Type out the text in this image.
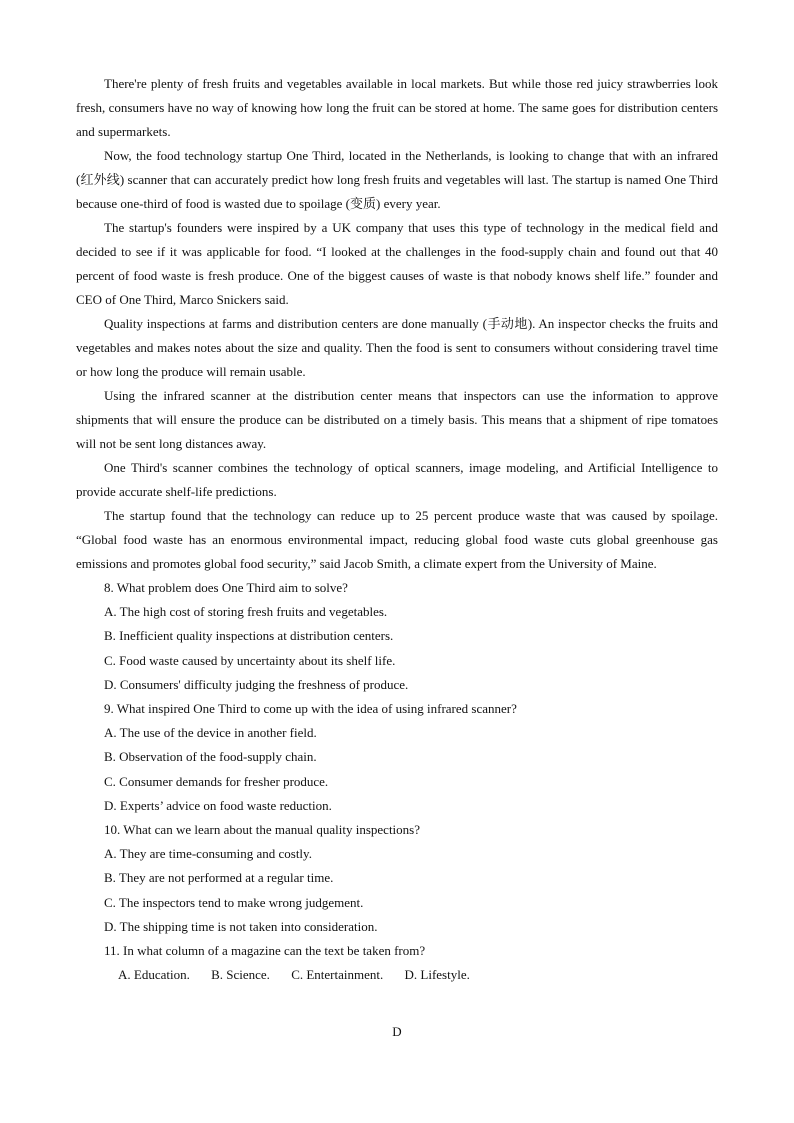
There're plenty of fresh fruits and vegetables available in local markets. But while those red juicy strawberries look fresh, consumers have no way of knowing how long the fruit can be stored at home. The same goes for distribution centers and supermarkets.

Now, the food technology startup One Third, located in the Netherlands, is looking to change that with an infrared (红外线) scanner that can accurately predict how long fresh fruits and vegetables will last. The startup is named One Third because one-third of food is wasted due to spoilage (变质) every year.

The startup's founders were inspired by a UK company that uses this type of technology in the medical field and decided to see if it was applicable for food. “I looked at the challenges in the food-supply chain and found out that 40 percent of food waste is fresh produce. One of the biggest causes of waste is that nobody knows shelf life.” founder and CEO of One Third, Marco Snickers said.

Quality inspections at farms and distribution centers are done manually (手动地). An inspector checks the fruits and vegetables and makes notes about the size and quality. Then the food is sent to consumers without considering travel time or how long the produce will remain usable.

Using the infrared scanner at the distribution center means that inspectors can use the information to approve shipments that will ensure the produce can be distributed on a timely basis. This means that a shipment of ripe tomatoes will not be sent long distances away.

One Third's scanner combines the technology of optical scanners, image modeling, and Artificial Intelligence to provide accurate shelf-life predictions.

The startup found that the technology can reduce up to 25 percent produce waste that was caused by spoilage. “Global food waste has an enormous environmental impact, reducing global food waste cuts global greenhouse gas emissions and promotes global food security,” said Jacob Smith, a climate expert from the University of Maine.

8. What problem does One Third aim to solve?

A. The high cost of storing fresh fruits and vegetables.

B. Inefficient quality inspections at distribution centers.

C. Food waste caused by uncertainty about its shelf life.

D. Consumers' difficulty judging the freshness of produce.

9. What inspired One Third to come up with the idea of using infrared scanner?

A. The use of the device in another field.

B. Observation of the food-supply chain.

C. Consumer demands for fresher produce.

D. Experts’ advice on food waste reduction.

10. What can we learn about the manual quality inspections?

A. They are time-consuming and costly.

B. They are not performed at a regular time.

C. The inspectors tend to make wrong judgement.

D. The shipping time is not taken into consideration.

11. In what column of a magazine can the text be taken from?

A. Education. B. Science. C. Entertainment. D. Lifestyle.

D
